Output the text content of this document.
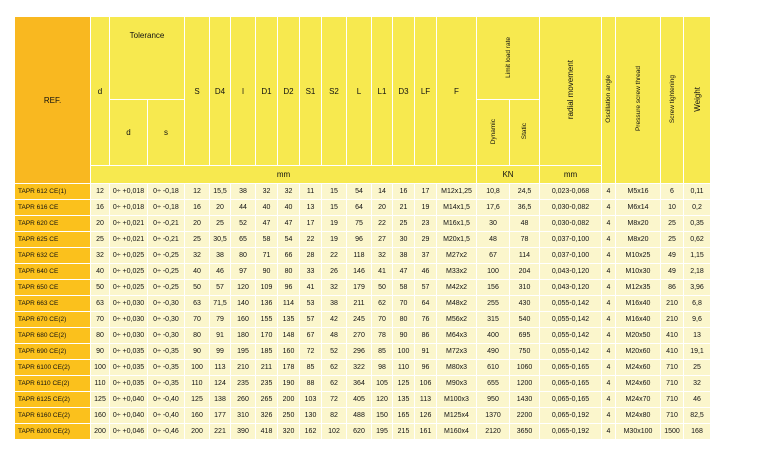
REF.	d	Tolerance		S	D4	l	D1	D2	S1	S2	L	L1	D3	LF	F	Limit load rate		radial movement	Oscillation angle	Pressure screw thread	Screw tightening	Weight
		d	s													Dynamic	Static					
	mm															KN		mm				
TAPR 612 CE(1)	12	0÷ +0,018	0÷ -0,18	12	15,5	38	32	32	11	15	54	14	16	17	M12x1,25	10,8	24,5	0,023-0,068	4	M5x16	6	0,11
TAPR 616 CE	16	0÷ +0,018	0÷ -0,18	16	20	44	40	40	13	15	64	20	21	19	M14x1,5	17,6	36,5	0,030-0,082	4	M6x14	10	0,2
TAPR 620 CE	20	0÷ +0,021	0÷ -0,21	20	25	52	47	47	17	19	75	22	25	23	M16x1,5	30	48	0,030-0,082	4	M8x20	25	0,35
TAPR 625 CE	25	0÷ +0,021	0÷ -0,21	25	30,5	65	58	54	22	19	96	27	30	29	M20x1,5	48	78	0,037-0,100	4	M8x20	25	0,62
TAPR 632 CE	32	0÷ +0,025	0÷ -0,25	32	38	80	71	66	28	22	118	32	38	37	M27x2	67	114	0,037-0,100	4	M10x25	49	1,15
TAPR 640 CE	40	0÷ +0,025	0÷ -0,25	40	46	97	90	80	33	26	146	41	47	46	M33x2	100	204	0,043-0,120	4	M10x30	49	2,18
TAPR 650 CE	50	0÷ +0,025	0÷ -0,25	50	57	120	109	96	41	32	179	50	58	57	M42x2	156	310	0,043-0,120	4	M12x35	86	3,96
TAPR 663 CE	63	0÷ +0,030	0÷ -0,30	63	71,5	140	136	114	53	38	211	62	70	64	M48x2	255	430	0,055-0,142	4	M16x40	210	6,8
TAPR 670 CE(2)	70	0÷ +0,030	0÷ -0,30	70	79	160	155	135	57	42	245	70	80	76	M56x2	315	540	0,055-0,142	4	M16x40	210	9,6
TAPR 680 CE(2)	80	0÷ +0,030	0÷ -0,30	80	91	180	170	148	67	48	270	78	90	86	M64x3	400	695	0,055-0,142	4	M20x50	410	13
TAPR 690 CE(2)	90	0÷ +0,035	0÷ -0,35	90	99	195	185	160	72	52	296	85	100	91	M72x3	490	750	0,055-0,142	4	M20x60	410	19,1
TAPR 6100 CE(2)	100	0÷ +0,035	0÷ -0,35	100	113	210	211	178	85	62	322	98	110	96	M80x3	610	1060	0,065-0,165	4	M24x60	710	25
TAPR 6110 CE(2)	110	0÷ +0,035	0÷ -0,35	110	124	235	235	190	88	62	364	105	125	106	M90x3	655	1200	0,065-0,165	4	M24x60	710	32
TAPR 6125 CE(2)	125	0÷ +0,040	0÷ -0,40	125	138	260	265	200	103	72	405	120	135	113	M100x3	950	1430	0,065-0,165	4	M24x70	710	46
TAPR 6160 CE(2)	160	0÷ +0,040	0÷ -0,40	160	177	310	326	250	130	82	488	150	165	126	M125x4	1370	2200	0,065-0,192	4	M24x80	710	82,5
TAPR 6200 CE(2)	200	0÷ +0,046	0÷ -0,46	200	221	390	418	320	162	102	620	195	215	161	M160x4	2120	3650	0,065-0,192	4	M30x100	1500	168
